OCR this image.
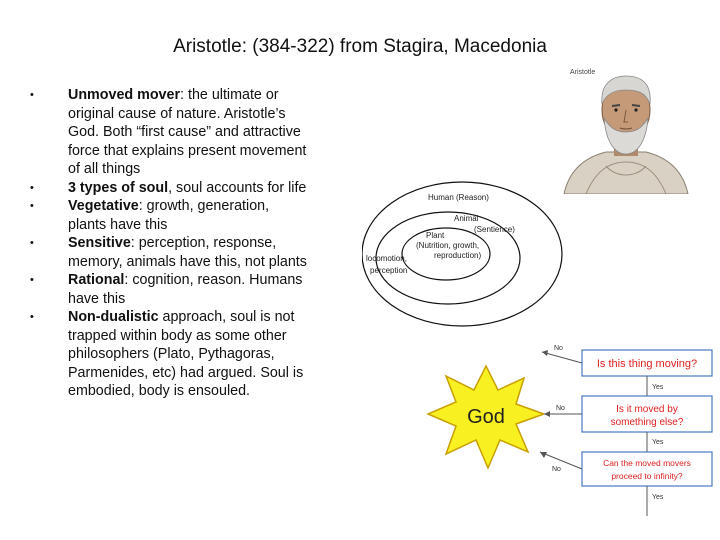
Aristotle: (384-322) from Stagira, Macedonia
• Unmoved mover: the ultimate or original cause of nature. Aristotle’s God. Both “first cause” and attractive force that explains present movement of all things
• 3 types of soul, soul accounts for life
• Vegetative: growth, generation, plants have this
• Sensitive: perception, response, memory, animals have this, not plants
• Rational: cognition, reason. Humans have this
• Non-dualistic approach, soul is not trapped within body as some other philosophers (Plato, Pythagoras, Parmenides, etc) had argued. Soul is embodied, body is ensouled.
Aristotle
Human (Reason)
Animal
(Sentience)
Plant
(Nutrition, growth,
reproduction)
locomotion,
perception
God
Is this thing moving?
Is it moved by
something else?
Can the moved movers
proceed to infinity?
Yes
Yes
Yes
No
No
No
